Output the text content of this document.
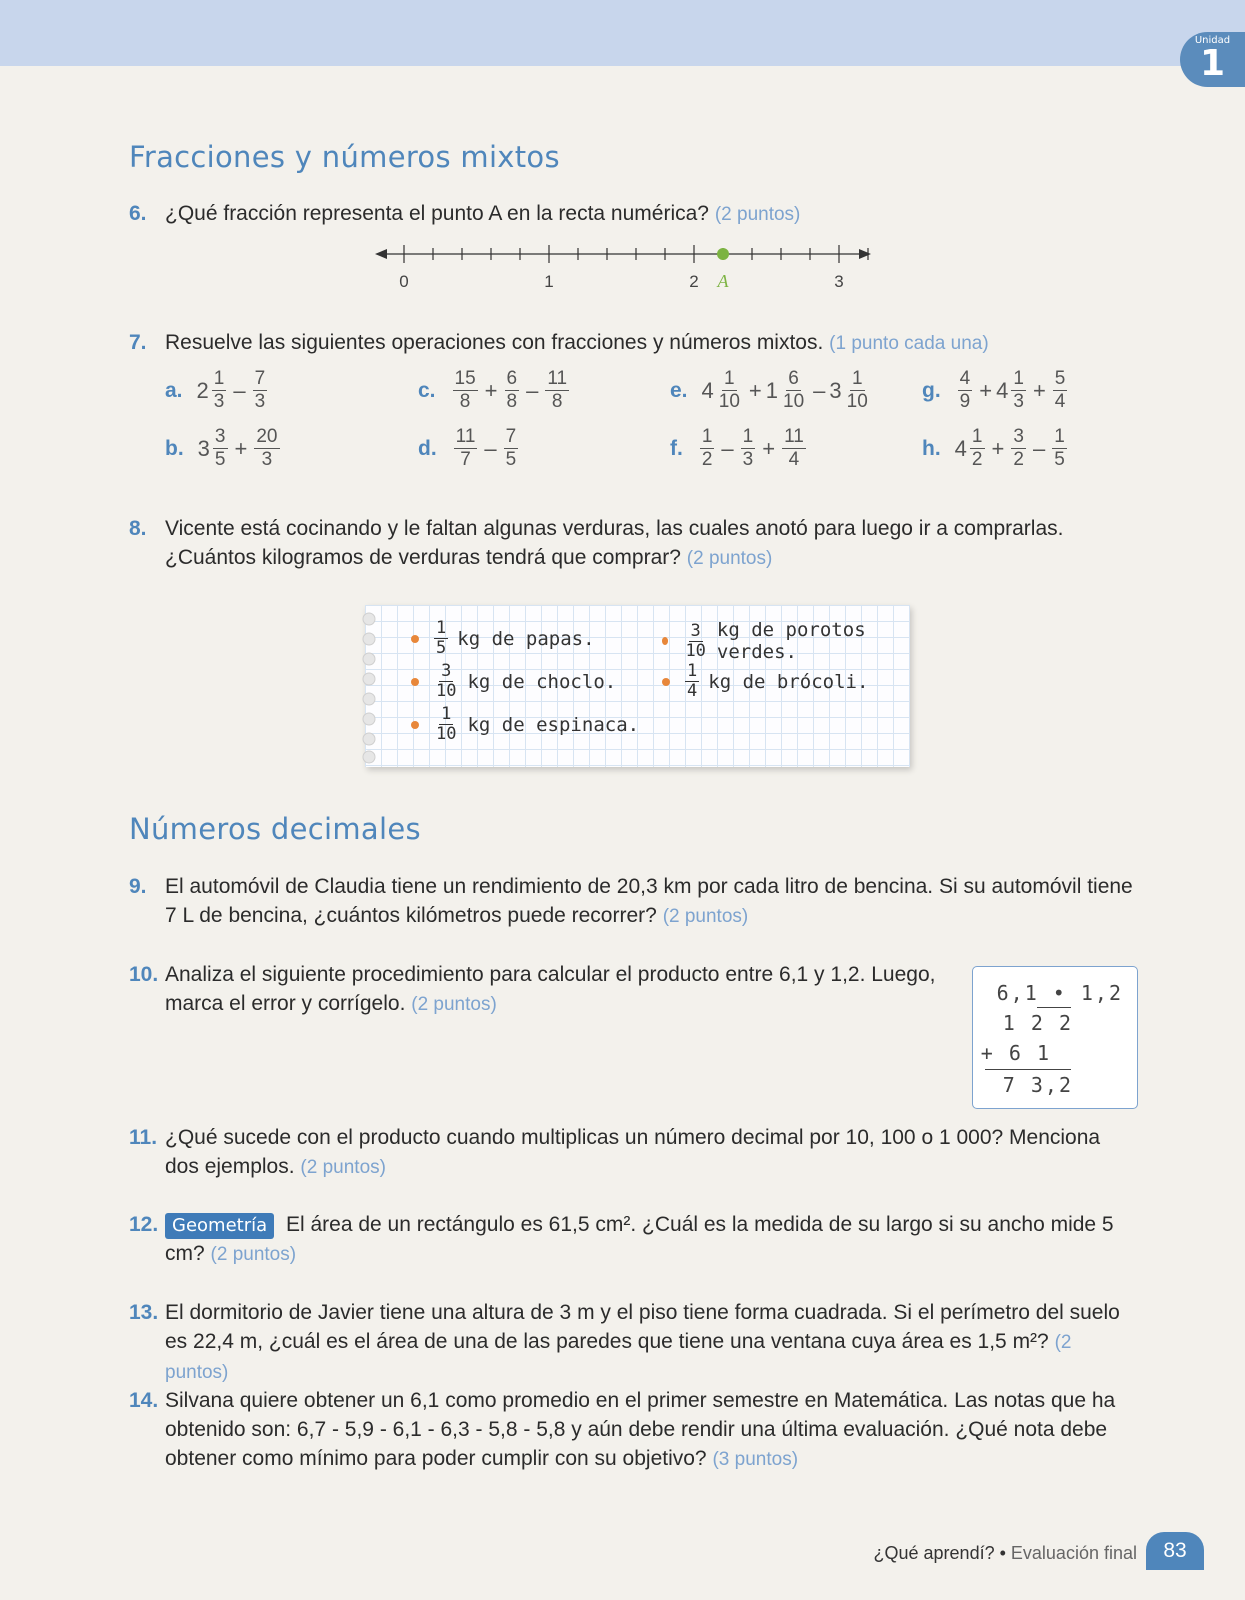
Unidad
1
Fracciones y números mixtos
6. ¿Qué fracción representa el punto A en la recta numérica? (2 puntos)
0	1	2	3
A
7. Resuelve las siguientes operaciones con fracciones y números mixtos. (1 punto cada una)
a. $2 \frac{1}{3} - \frac{7}{3}$
b. $3 \frac{3}{5} + \frac{20}{3}$
c. $\frac{15}{8} + \frac{6}{8} - \frac{11}{8}$
d. $\frac{11}{7} - \frac{7}{5}$
e. $4 \frac{1}{10} + 1 \frac{6}{10} - 3 \frac{1}{10}$
f. $\frac{1}{2} - \frac{1}{3} + \frac{11}{4}$
g. $\frac{4}{9} + 4 \frac{1}{3} + \frac{5}{4}$
h. $4 \frac{1}{2} + \frac{3}{2} - \frac{1}{5}$
8. Vicente está cocinando y le faltan algunas verduras, las cuales anotó para luego ir a comprarlas. ¿Cuántos kilogramos de verduras tendrá que comprar? (2 puntos)
$\frac{1}{5}$ kg de papas.
$\frac{3}{10}$ kg de choclo.
$\frac{1}{10}$ kg de espinaca.
$\frac{3}{10}$ kg de porotos verdes.
$\frac{1}{4}$ kg de brócoli.
Números decimales
9. El automóvil de Claudia tiene un rendimiento de 20,3 km por cada litro de bencina. Si su automóvil tiene 7 L de bencina, ¿cuántos kilómetros puede recorrer? (2 puntos)
10. Analiza el siguiente procedimiento para calcular el producto entre 6,1 y 1,2. Luego, marca el error y corrígelo. (2 puntos)	6,1 • 1,2
1 2 2
+ 6 1
7 3,2
11. ¿Qué sucede con el producto cuando multiplicas un número decimal por 10, 100 o 1 000? Menciona dos ejemplos. (2 puntos)
12. Geometría El área de un rectángulo es 61,5 cm². ¿Cuál es la medida de su largo si su ancho mide 5 cm? (2 puntos)
13. El dormitorio de Javier tiene una altura de 3 m y el piso tiene forma cuadrada. Si el perímetro del suelo es 22,4 m, ¿cuál es el área de una de las paredes que tiene una ventana cuya área es 1,5 m²? (2 puntos)
14. Silvana quiere obtener un 6,1 como promedio en el primer semestre en Matemática. Las notas que ha obtenido son: 6,7 - 5,9 - 6,1 - 6,3 - 5,8 - 5,8 y aún debe rendir una última evaluación. ¿Qué nota debe obtener como mínimo para poder cumplir con su objetivo? (3 puntos)
¿Qué aprendí? • Evaluación final	83
